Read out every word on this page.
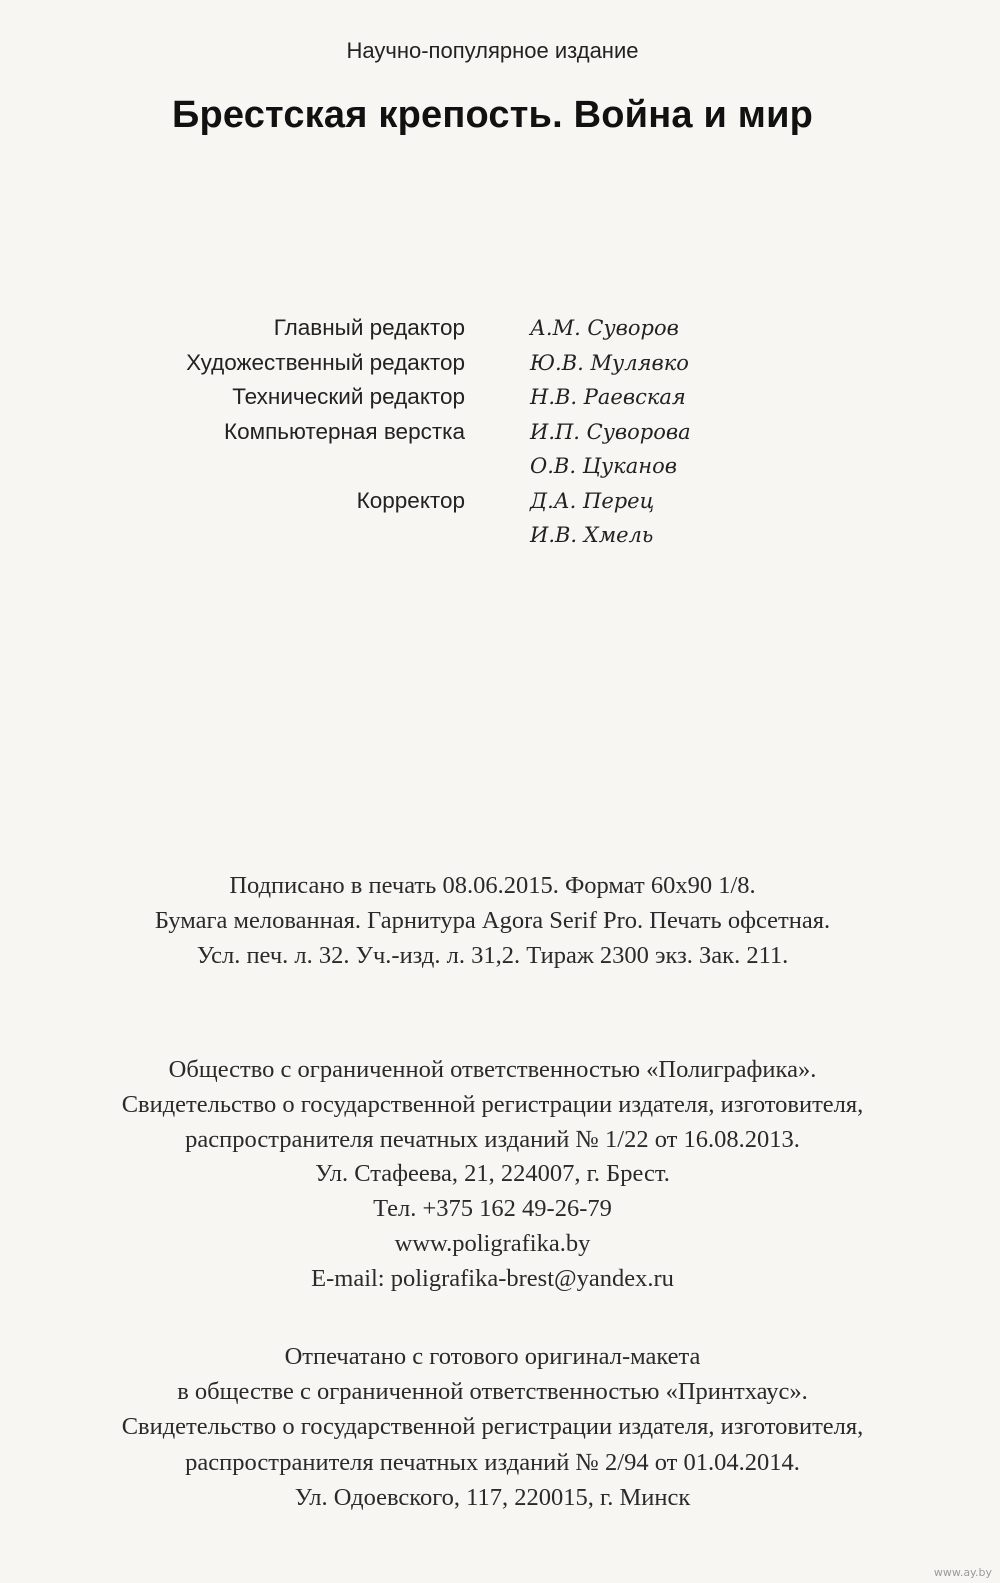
Научно-популярное издание
Брестская крепость. Война и мир
Главный редактор	А.М. Суворов
Художественный редактор	Ю.В. Мулявко
Технический редактор	Н.В. Раевская
Компьютерная верстка	И.П. Суворова
О.В. Цуканов
Корректор	Д.А. Перец
И.В. Хмель
Подписано в печать 08.06.2015. Формат 60x90 1/8.
Бумага мелованная. Гарнитура Agora Serif Pro. Печать офсетная.
Усл. печ. л. 32. Уч.-изд. л. 31,2. Тираж 2300 экз. Зак. 211.
Общество с ограниченной ответственностью «Полиграфика».
Свидетельство о государственной регистрации издателя, изготовителя,
распространителя печатных изданий № 1/22 от 16.08.2013.
Ул. Стафеева, 21, 224007, г. Брест.
Тел. +375 162 49-26-79
www.poligrafika.by
E-mail: poligrafika-brest@yandex.ru
Отпечатано с готового оригинал-макета
в обществе с ограниченной ответственностью «Принтхаус».
Свидетельство о государственной регистрации издателя, изготовителя,
распространителя печатных изданий № 2/94 от 01.04.2014.
Ул. Одоевского, 117, 220015, г. Минск
www.ay.by
